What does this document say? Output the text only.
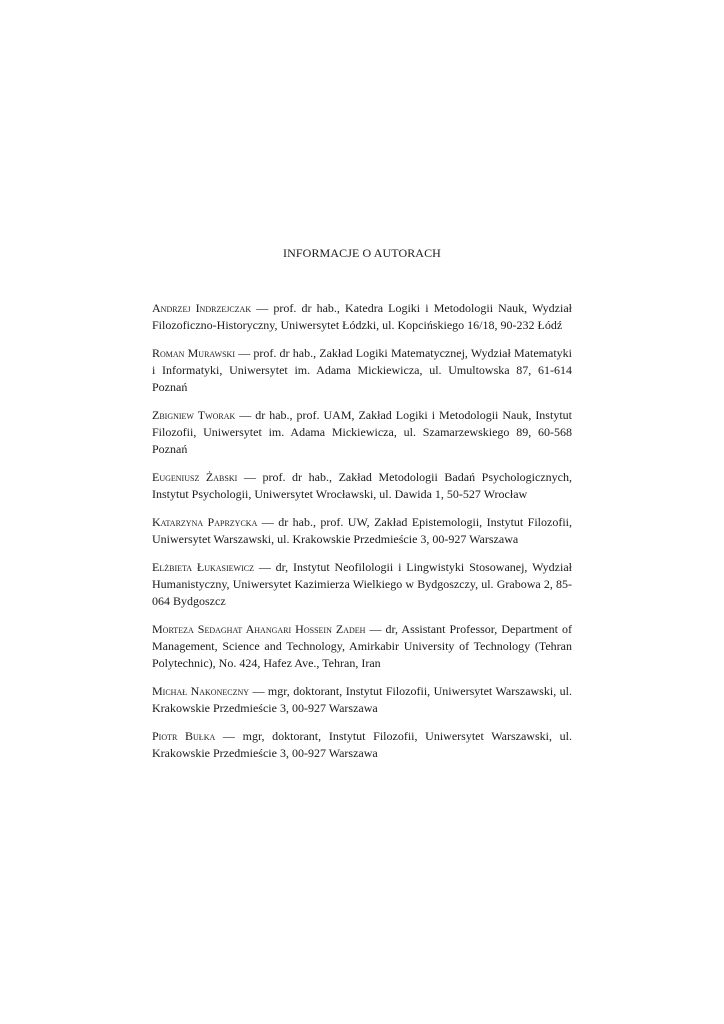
INFORMACJE O AUTORACH

Andrzej Indrzejczak — prof. dr hab., Katedra Logiki i Metodologii Nauk, Wydział Filozoficzno-Historyczny, Uniwersytet Łódzki, ul. Kopcińskiego 16/18, 90-232 Łódź

Roman Murawski — prof. dr hab., Zakład Logiki Matematycznej, Wydział Matematyki i Informatyki, Uniwersytet im. Adama Mickiewicza, ul. Umultowska 87, 61-614 Poznań

Zbigniew Tworak — dr hab., prof. UAM, Zakład Logiki i Metodologii Nauk, Instytut Filozofii, Uniwersytet im. Adama Mickiewicza, ul. Szamarzewskiego 89, 60-568 Poznań

Eugeniusz Żabski — prof. dr hab., Zakład Metodologii Badań Psychologicznych, Instytut Psychologii, Uniwersytet Wrocławski, ul. Dawida 1, 50-527 Wrocław

Katarzyna Paprzycka — dr hab., prof. UW, Zakład Epistemologii, Instytut Filozofii, Uniwersytet Warszawski, ul. Krakowskie Przedmieście 3, 00-927 Warszawa

Elżbieta Łukasiewicz — dr, Instytut Neofilologii i Lingwistyki Stosowanej, Wydział Humanistyczny, Uniwersytet Kazimierza Wielkiego w Bydgoszczy, ul. Grabowa 2, 85-064 Bydgoszcz

Morteza Sedaghat Ahangari Hossein Zadeh — dr, Assistant Professor, Department of Management, Science and Technology, Amirkabir University of Technology (Tehran Polytechnic), No. 424, Hafez Ave., Tehran, Iran

Michał Nakoneczny — mgr, doktorant, Instytut Filozofii, Uniwersytet Warszawski, ul. Krakowskie Przedmieście 3, 00-927 Warszawa

Piotr Bułka — mgr, doktorant, Instytut Filozofii, Uniwersytet Warszawski, ul. Krakowskie Przedmieście 3, 00-927 Warszawa
